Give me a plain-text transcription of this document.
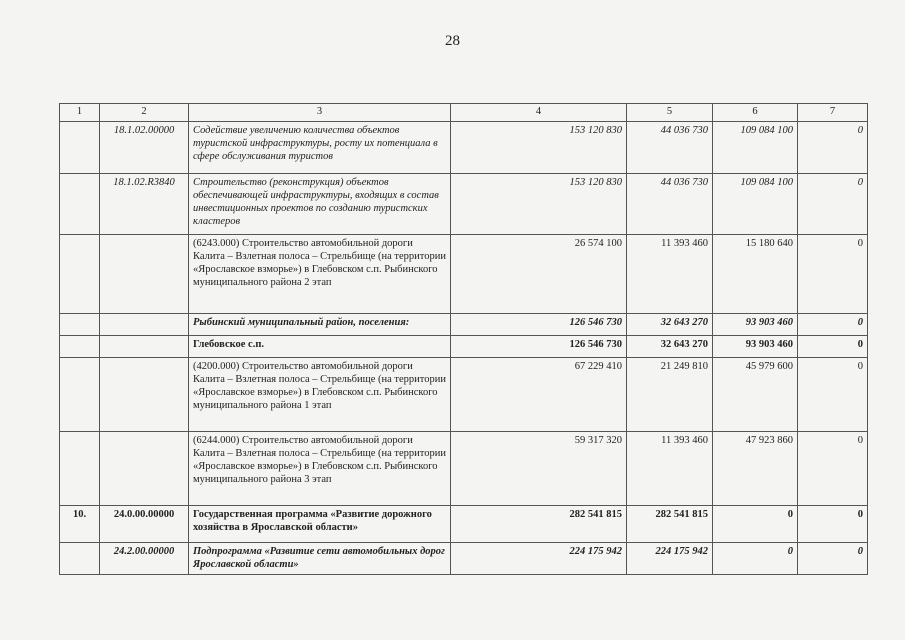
28
1	2	3	4	5	6	7
	18.1.02.00000	Содействие увеличению количества объектов туристской инфраструктуры, росту их потенциала в сфере обслуживания туристов	153 120 830	44 036 730	109 084 100	0
	18.1.02.R3840	Строительство (реконструкция) объектов обеспечивающей инфраструктуры, входящих в состав инвестиционных проектов по созданию туристских кластеров	153 120 830	44 036 730	109 084 100	0
		(6243.000) Строительство автомобильной дороги Калита – Взлетная полоса – Стрельбище (на территории «Ярославское взморье») в Глебовском с.п. Рыбинского муниципального района 2 этап	26 574 100	11 393 460	15 180 640	0
		Рыбинский муниципальный район, поселения:	126 546 730	32 643 270	93 903 460	0
		Глебовское с.п.	126 546 730	32 643 270	93 903 460	0
		(4200.000) Строительство автомобильной дороги Калита – Взлетная полоса – Стрельбище (на территории «Ярославское взморье») в Глебовском с.п. Рыбинского муниципального района 1 этап	67 229 410	21 249 810	45 979 600	0
		(6244.000) Строительство автомобильной дороги Калита – Взлетная полоса – Стрельбище (на территории «Ярославское взморье») в Глебовском с.п. Рыбинского муниципального района 3 этап	59 317 320	11 393 460	47 923 860	0
10.	24.0.00.00000	Государственная программа «Развитие дорожного хозяйства в Ярославской области»	282 541 815	282 541 815	0	0
	24.2.00.00000	Подпрограмма «Развитие сети автомобильных дорог Ярославской области»	224 175 942	224 175 942	0	0
